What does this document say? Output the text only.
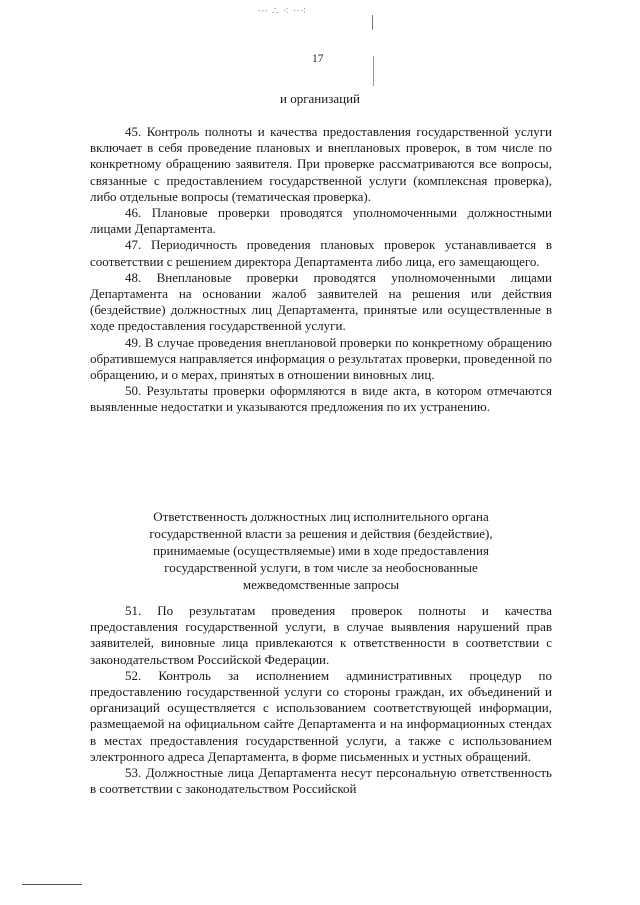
∙∙∙ ∴ ⁖ ∙∙⁖
17
и организаций

45. Контроль полноты и качества предоставления государственной услуги включает в себя проведение плановых и внеплановых проверок, в том числе по конкретному обращению заявителя. При проверке рассматриваются все вопросы, связанные с предоставлением государственной услуги (комплексная проверка), либо отдельные вопросы (тематическая проверка).

46. Плановые проверки проводятся уполномоченными должностными лицами Департамента.

47. Периодичность проведения плановых проверок устанавливается в соответствии с решением директора Департамента либо лица, его замещающего.

48. Внеплановые проверки проводятся уполномоченными лицами Департамента на основании жалоб заявителей на решения или действия (бездействие) должностных лиц Департамента, принятые или осуществленные в ходе предоставления государственной услуги.

49. В случае проведения внеплановой проверки по конкретному обращению обратившемуся направляется информация о результатах проверки, проведенной по обращению, и о мерах, принятых в отношении виновных лиц.

50. Результаты проверки оформляются в виде акта, в котором отмечаются выявленные недостатки и указываются предложения по их устранению.

Ответственность должностных лиц исполнительного органа
государственной власти за решения и действия (бездействие),
принимаемые (осуществляемые) ими в ходе предоставления
государственной услуги, в том числе за необоснованные
межведомственные запросы

51. По результатам проведения проверок полноты и качества предоставления государственной услуги, в случае выявления нарушений прав заявителей, виновные лица привлекаются к ответственности в соответствии с законодательством Российской Федерации.

52. Контроль за исполнением административных процедур по предоставлению государственной услуги со стороны граждан, их объединений и организаций осуществляется с использованием соответствующей информации, размещаемой на официальном сайте Департамента и на информационных стендах в местах предоставления государственной услуги, а также с использованием электронного адреса Департамента, в форме письменных и устных обращений.

53. Должностные лица Департамента несут персональную ответственность в соответствии с законодательством Российской
